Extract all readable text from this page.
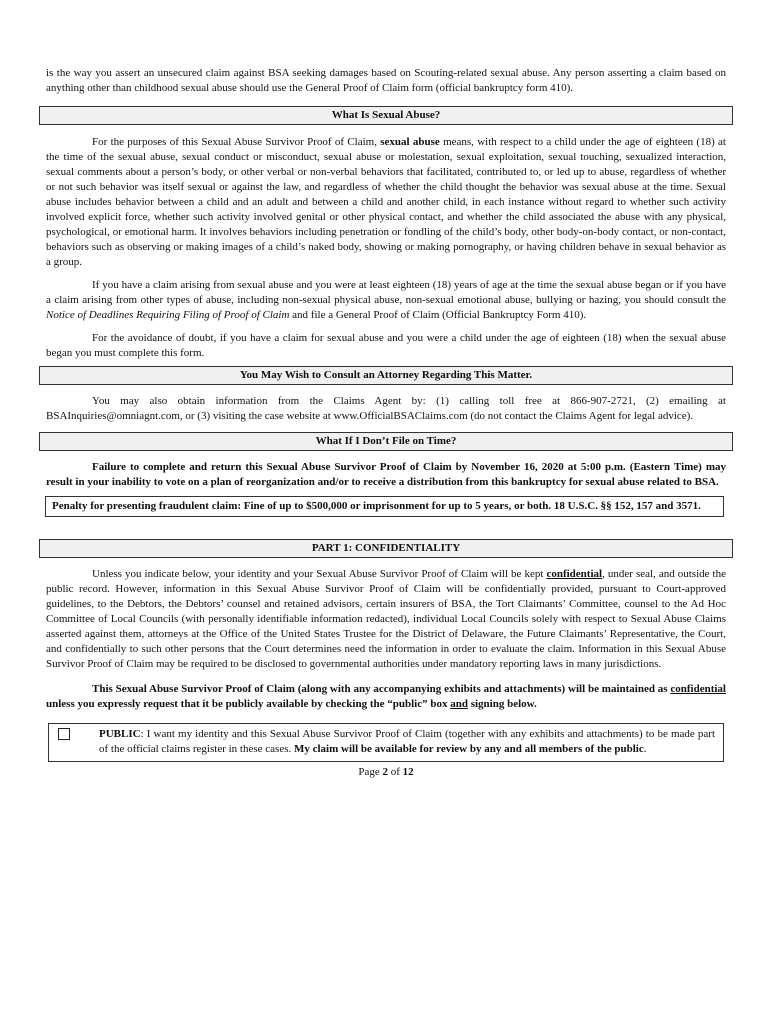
is the way you assert an unsecured claim against BSA seeking damages based on Scouting-related sexual abuse. Any person asserting a claim based on anything other than childhood sexual abuse should use the General Proof of Claim form (official bankruptcy form 410).

What Is Sexual Abuse?

For the purposes of this Sexual Abuse Survivor Proof of Claim, sexual abuse means, with respect to a child under the age of eighteen (18) at the time of the sexual abuse, sexual conduct or misconduct, sexual abuse or molestation, sexual exploitation, sexual touching, sexualized interaction, sexual comments about a person’s body, or other verbal or non-verbal behaviors that facilitated, contributed to, or led up to abuse, regardless of whether or not such behavior was itself sexual or against the law, and regardless of whether the child thought the behavior was sexual abuse at the time. Sexual abuse includes behavior between a child and an adult and between a child and another child, in each instance without regard to whether such activity involved explicit force, whether such activity involved genital or other physical contact, and whether the child associated the abuse with any physical, psychological, or emotional harm. It involves behaviors including penetration or fondling of the child’s body, other body-on-body contact, or non-contact, behaviors such as observing or making images of a child’s naked body, showing or making pornography, or having children behave in sexual behavior as a group.

If you have a claim arising from sexual abuse and you were at least eighteen (18) years of age at the time the sexual abuse began or if you have a claim arising from other types of abuse, including non-sexual physical abuse, non-sexual emotional abuse, bullying or hazing, you should consult the Notice of Deadlines Requiring Filing of Proof of Claim and file a General Proof of Claim (Official Bankruptcy Form 410).

For the avoidance of doubt, if you have a claim for sexual abuse and you were a child under the age of eighteen (18) when the sexual abuse began you must complete this form.

You May Wish to Consult an Attorney Regarding This Matter.

You may also obtain information from the Claims Agent by: (1) calling toll free at 866-907-2721, (2) emailing at BSAInquiries@omniagnt.com, or (3) visiting the case website at www.OfficialBSAClaims.com (do not contact the Claims Agent for legal advice).

What If I Don’t File on Time?

Failure to complete and return this Sexual Abuse Survivor Proof of Claim by November 16, 2020 at 5:00 p.m. (Eastern Time) may result in your inability to vote on a plan of reorganization and/or to receive a distribution from this bankruptcy for sexual abuse related to BSA.

Penalty for presenting fraudulent claim: Fine of up to $500,000 or imprisonment for up to 5 years, or both. 18 U.S.C. §§ 152, 157 and 3571.
PART 1: CONFIDENTIALITY

Unless you indicate below, your identity and your Sexual Abuse Survivor Proof of Claim will be kept confidential, under seal, and outside the public record. However, information in this Sexual Abuse Survivor Proof of Claim will be confidentially provided, pursuant to Court-approved guidelines, to the Debtors, the Debtors’ counsel and retained advisors, certain insurers of BSA, the Tort Claimants’ Committee, counsel to the Ad Hoc Committee of Local Councils (with personally identifiable information redacted), individual Local Councils solely with respect to Sexual Abuse Claims asserted against them, attorneys at the Office of the United States Trustee for the District of Delaware, the Future Claimants’ Representative, the Court, and confidentially to such other persons that the Court determines need the information in order to evaluate the claim. Information in this Sexual Abuse Survivor Proof of Claim may be required to be disclosed to governmental authorities under mandatory reporting laws in many jurisdictions.

This Sexual Abuse Survivor Proof of Claim (along with any accompanying exhibits and attachments) will be maintained as confidential unless you expressly request that it be publicly available by checking the “public” box and signing below.

PUBLIC: I want my identity and this Sexual Abuse Survivor Proof of Claim (together with any exhibits and attachments) to be made part of the official claims register in these cases. My claim will be available for review by any and all members of the public.

Page 2 of 12
